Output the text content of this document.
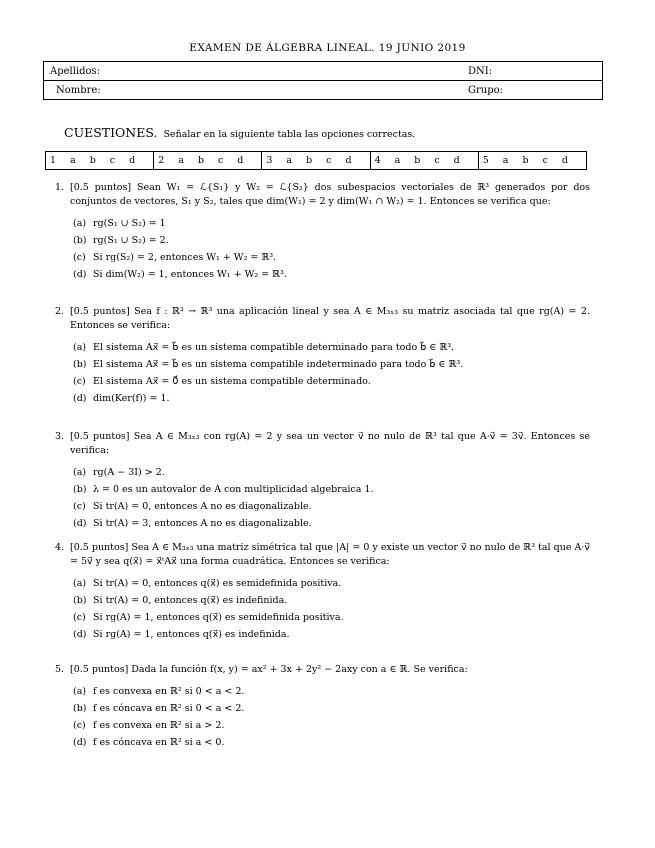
EXAMEN DE ÁLGEBRA LINEAL. 19 JUNIO 2019
Apellidos:	DNI:
Nombre:	Grupo:
CUESTIONES. Señalar en la siguiente tabla las opciones correctas.
1 a b c d	2 a b c d	3 a b c d	4 a b c d	5 a b c d
1. [0.5 puntos] Sean W₁ = ℒ{S₁} y W₂ = ℒ{S₂} dos subespacios vectoriales de ℝ³ generados por dos conjuntos de vectores, S₁ y S₂, tales que dim(W₁) = 2 y dim(W₁ ∩ W₂) = 1. Entonces se verifica que:
(a) rg(S₁ ∪ S₂) = 1
(b) rg(S₁ ∪ S₂) = 2.
(c) Si rg(S₂) = 2, entonces W₁ + W₂ = ℝ³.
(d) Si dim(W₂) = 1, entonces W₁ + W₂ = ℝ³.
2. [0.5 puntos] Sea f : ℝ³ → ℝ³ una aplicación lineal y sea A ∈ M₃ₓ₃ su matriz asociada tal que rg(A) = 2. Entonces se verifica:
(a) El sistema Ax⃗ = b⃗ es un sistema compatible determinado para todo b⃗ ∈ ℝ³.
(b) El sistema Ax⃗ = b⃗ es un sistema compatible indeterminado para todo b⃗ ∈ ℝ³.
(c) El sistema Ax⃗ = 0⃗ es un sistema compatible determinado.
(d) dim(Ker(f)) = 1.
3. [0.5 puntos] Sea A ∈ M₃ₓ₃ con rg(A) = 2 y sea un vector v⃗ no nulo de ℝ³ tal que A·v⃗ = 3v⃗. Entonces se verifica:
(a) rg(A − 3I) > 2.
(b) λ = 0 es un autovalor de A con multiplicidad algebraica 1.
(c) Si tr(A) = 0, entonces A no es diagonalizable.
(d) Si tr(A) = 3, entonces A no es diagonalizable.
4. [0.5 puntos] Sea A ∈ M₃ₓ₃ una matriz simétrica tal que |A| = 0 y existe un vector v⃗ no nulo de ℝ³ tal que A·v⃗ = 5v⃗ y sea q(x⃗) = x⃗ᵗAx⃗ una forma cuadrática. Entonces se verifica:
(a) Si tr(A) = 0, entonces q(x⃗) es semidefinida positiva.
(b) Si tr(A) = 0, entonces q(x⃗) es indefinida.
(c) Si rg(A) = 1, entonces q(x⃗) es semidefinida positiva.
(d) Si rg(A) = 1, entonces q(x⃗) es indefinida.
5. [0.5 puntos] Dada la función f(x, y) = ax² + 3x + 2y² − 2axy con a ∈ ℝ. Se verifica:
(a) f es convexa en ℝ² si 0 < a < 2.
(b) f es cóncava en ℝ² si 0 < a < 2.
(c) f es convexa en ℝ² si a > 2.
(d) f es cóncava en ℝ² si a < 0.
